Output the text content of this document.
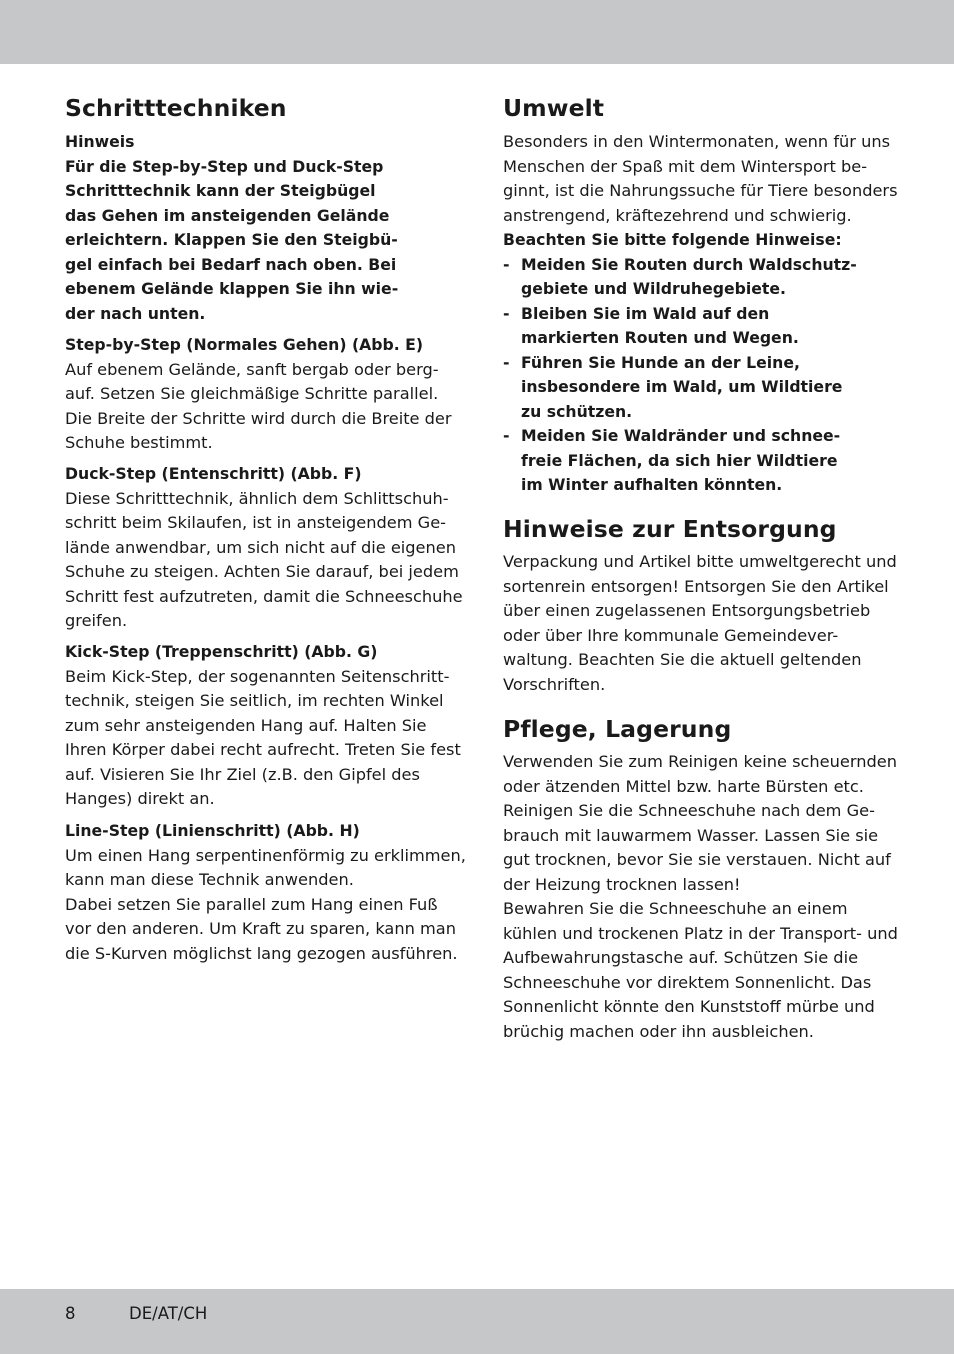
Schritttechniken
Hinweis
Für die Step-by-Step und Duck-Step
Schritttechnik kann der Steigbügel
das Gehen im ansteigenden Gelände
erleichtern. Klappen Sie den Steigbü-
gel einfach bei Bedarf nach oben. Bei
ebenem Gelände klappen Sie ihn wie-
der nach unten.
Step-by-Step (Normales Gehen) (Abb. E)
Auf ebenem Gelände, sanft bergab oder berg-
auf. Setzen Sie gleichmäßige Schritte parallel.
Die Breite der Schritte wird durch die Breite der
Schuhe bestimmt.
Duck-Step (Entenschritt) (Abb. F)
Diese Schritttechnik, ähnlich dem Schlittschuh-
schritt beim Skilaufen, ist in ansteigendem Ge-
lände anwendbar, um sich nicht auf die eigenen
Schuhe zu steigen. Achten Sie darauf, bei jedem
Schritt fest aufzutreten, damit die Schneeschuhe
greifen.
Kick-Step (Treppenschritt) (Abb. G)
Beim Kick-Step, der sogenannten Seitenschritt-
technik, steigen Sie seitlich, im rechten Winkel
zum sehr ansteigenden Hang auf. Halten Sie
Ihren Körper dabei recht aufrecht. Treten Sie fest
auf. Visieren Sie Ihr Ziel (z.B. den Gipfel des
Hanges) direkt an.
Line-Step (Linienschritt) (Abb. H)
Um einen Hang serpentinenförmig zu erklimmen,
kann man diese Technik anwenden.
Dabei setzen Sie parallel zum Hang einen Fuß
vor den anderen. Um Kraft zu sparen, kann man
die S-Kurven möglichst lang gezogen ausführen.
Umwelt
Besonders in den Wintermonaten, wenn für uns
Menschen der Spaß mit dem Wintersport be-
ginnt, ist die Nahrungssuche für Tiere besonders
anstrengend, kräftezehrend und schwierig.
Beachten Sie bitte folgende Hinweise:
- Meiden Sie Routen durch Waldschutz-
gebiete und Wildruhegebiete.
- Bleiben Sie im Wald auf den
markierten Routen und Wegen.
- Führen Sie Hunde an der Leine,
insbesondere im Wald, um Wildtiere
zu schützen.
- Meiden Sie Waldränder und schnee-
freie Flächen, da sich hier Wildtiere
im Winter aufhalten könnten.
Hinweise zur Entsorgung
Verpackung und Artikel bitte umweltgerecht und
sortenrein entsorgen! Entsorgen Sie den Artikel
über einen zugelassenen Entsorgungsbetrieb
oder über Ihre kommunale Gemeindever-
waltung. Beachten Sie die aktuell geltenden
Vorschriften.
Pflege, Lagerung
Verwenden Sie zum Reinigen keine scheuernden
oder ätzenden Mittel bzw. harte Bürsten etc.
Reinigen Sie die Schneeschuhe nach dem Ge-
brauch mit lauwarmem Wasser. Lassen Sie sie
gut trocknen, bevor Sie sie verstauen. Nicht auf
der Heizung trocknen lassen!
Bewahren Sie die Schneeschuhe an einem
kühlen und trockenen Platz in der Transport- und
Aufbewahrungstasche auf. Schützen Sie die
Schneeschuhe vor direktem Sonnenlicht. Das
Sonnenlicht könnte den Kunststoff mürbe und
brüchig machen oder ihn ausbleichen.
8	DE/AT/CH
